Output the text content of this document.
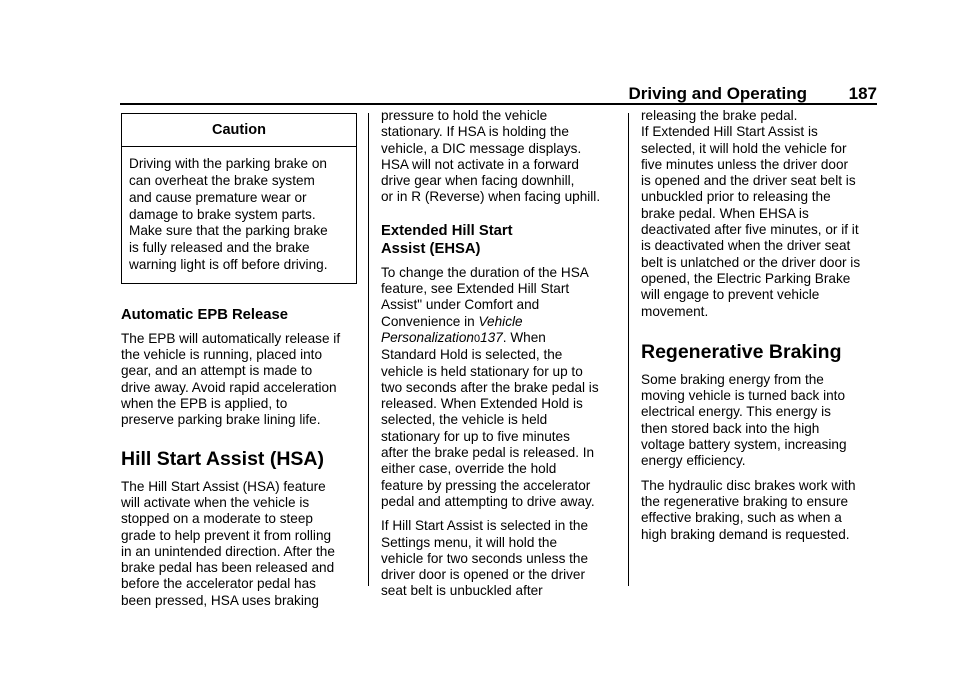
Driving and Operating 187
Caution
Driving with the parking brake on
can overheat the brake system
and cause premature wear or
damage to brake system parts.
Make sure that the parking brake
is fully released and the brake
warning light is off before driving.
Automatic EPB Release

The EPB will automatically release if
the vehicle is running, placed into
gear, and an attempt is made to
drive away. Avoid rapid acceleration
when the EPB is applied, to
preserve parking brake lining life.

Hill Start Assist (HSA)

The Hill Start Assist (HSA) feature
will activate when the vehicle is
stopped on a moderate to steep
grade to help prevent it from rolling
in an unintended direction. After the
brake pedal has been released and
before the accelerator pedal has
been pressed, HSA uses braking

pressure to hold the vehicle
stationary. If HSA is holding the
vehicle, a DIC message displays.
HSA will not activate in a forward
drive gear when facing downhill,
or in R (Reverse) when facing uphill.

Extended Hill Start
Assist (EHSA)

To change the duration of the HSA
feature, see Extended Hill Start
Assist" under Comfort and
Convenience in Vehicle
Personalization0137. When
Standard Hold is selected, the
vehicle is held stationary for up to
two seconds after the brake pedal is
released. When Extended Hold is
selected, the vehicle is held
stationary for up to five minutes
after the brake pedal is released. In
either case, override the hold
feature by pressing the accelerator
pedal and attempting to drive away.

If Hill Start Assist is selected in the
Settings menu, it will hold the
vehicle for two seconds unless the
driver door is opened or the driver
seat belt is unbuckled after

releasing the brake pedal.
If Extended Hill Start Assist is
selected, it will hold the vehicle for
five minutes unless the driver door
is opened and the driver seat belt is
unbuckled prior to releasing the
brake pedal. When EHSA is
deactivated after five minutes, or if it
is deactivated when the driver seat
belt is unlatched or the driver door is
opened, the Electric Parking Brake
will engage to prevent vehicle
movement.

Regenerative Braking

Some braking energy from the
moving vehicle is turned back into
electrical energy. This energy is
then stored back into the high
voltage battery system, increasing
energy efficiency.

The hydraulic disc brakes work with
the regenerative braking to ensure
effective braking, such as when a
high braking demand is requested.
